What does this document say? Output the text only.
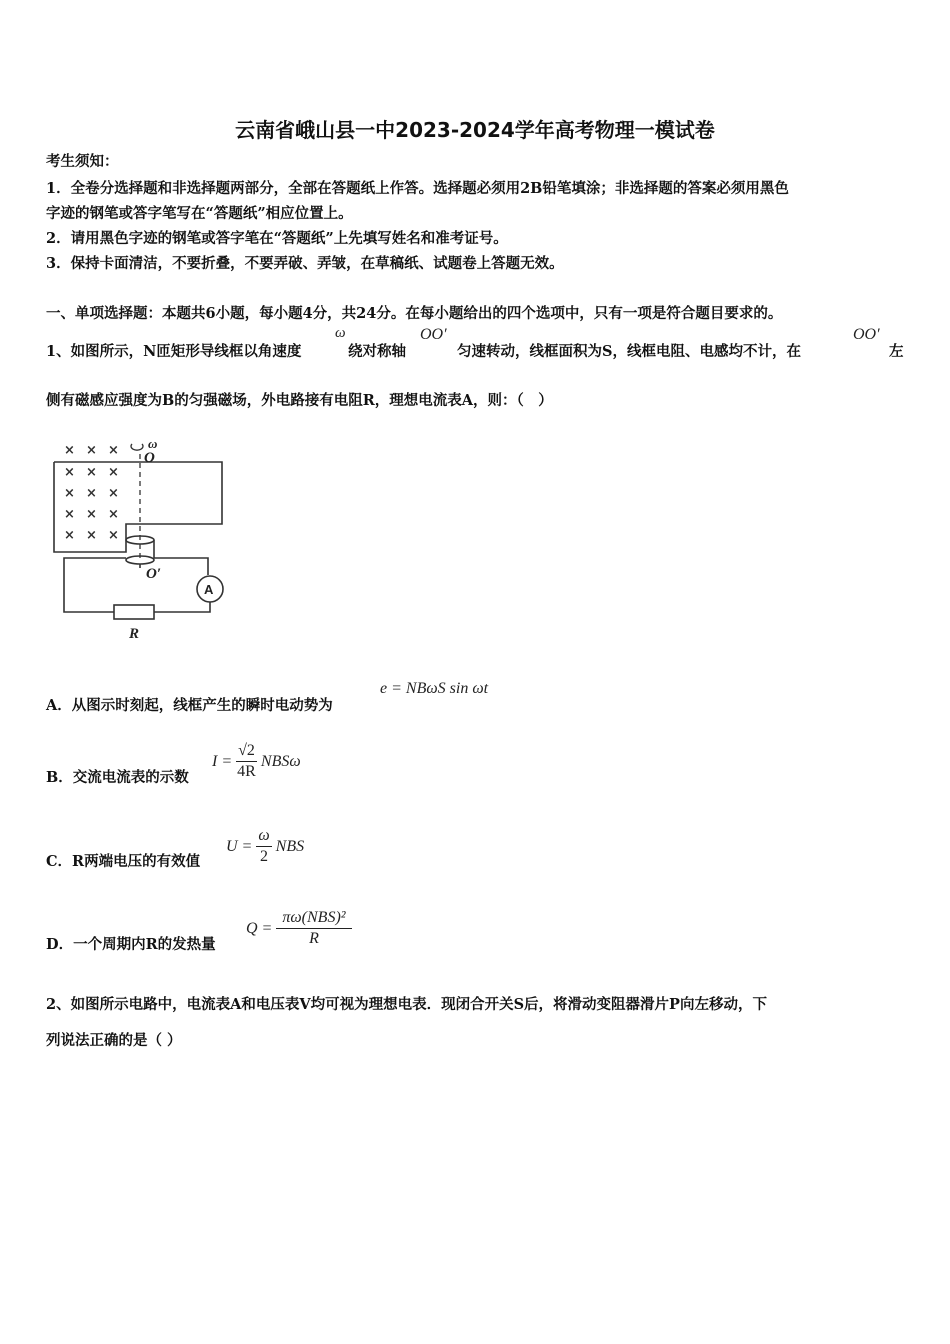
云南省峨山县一中2023-2024学年高考物理一模试卷
考生须知：
1．全卷分选择题和非选择题两部分，全部在答题纸上作答。选择题必须用2B铅笔填涂；非选择题的答案必须用黑色
字迹的钢笔或答字笔写在“答题纸”相应位置上。
2．请用黑色字迹的钢笔或答字笔在“答题纸”上先填写姓名和准考证号。
3．保持卡面清洁，不要折叠，不要弄破、弄皱，在草稿纸、试题卷上答题无效。
一、单项选择题：本题共6小题，每小题4分，共24分。在每小题给出的四个选项中，只有一项是符合题目要求的。
1、如图所示，N匝矩形导线框以角速度
ω
绕对称轴
OO′
匀速转动，线框面积为S，线框电阻、电感均不计，在
OO′
左
侧有磁感应强度为B的匀强磁场，外电路接有电阻R，理想电流表A，则：（　）
× × ×
× × ×
× × ×
× × ×
× × ×
ω
O
O′
R
A
A．从图示时刻起，线框产生的瞬时电动势为
e = NBωS sin ωt
B．交流电流表的示数
$I = \frac{√2}{4R}$ NBSω
C．R两端电压的有效值
$U = \frac{\omega}{2}$ NBS
D．一个周期内R的发热量
$Q = \frac{\text{πω(NBS)²}}{R}$
2、如图所示电路中，电流表A和电压表V均可视为理想电表．现闭合开关S后，将滑动变阻器滑片P向左移动，下
列说法正确的是（ ）
